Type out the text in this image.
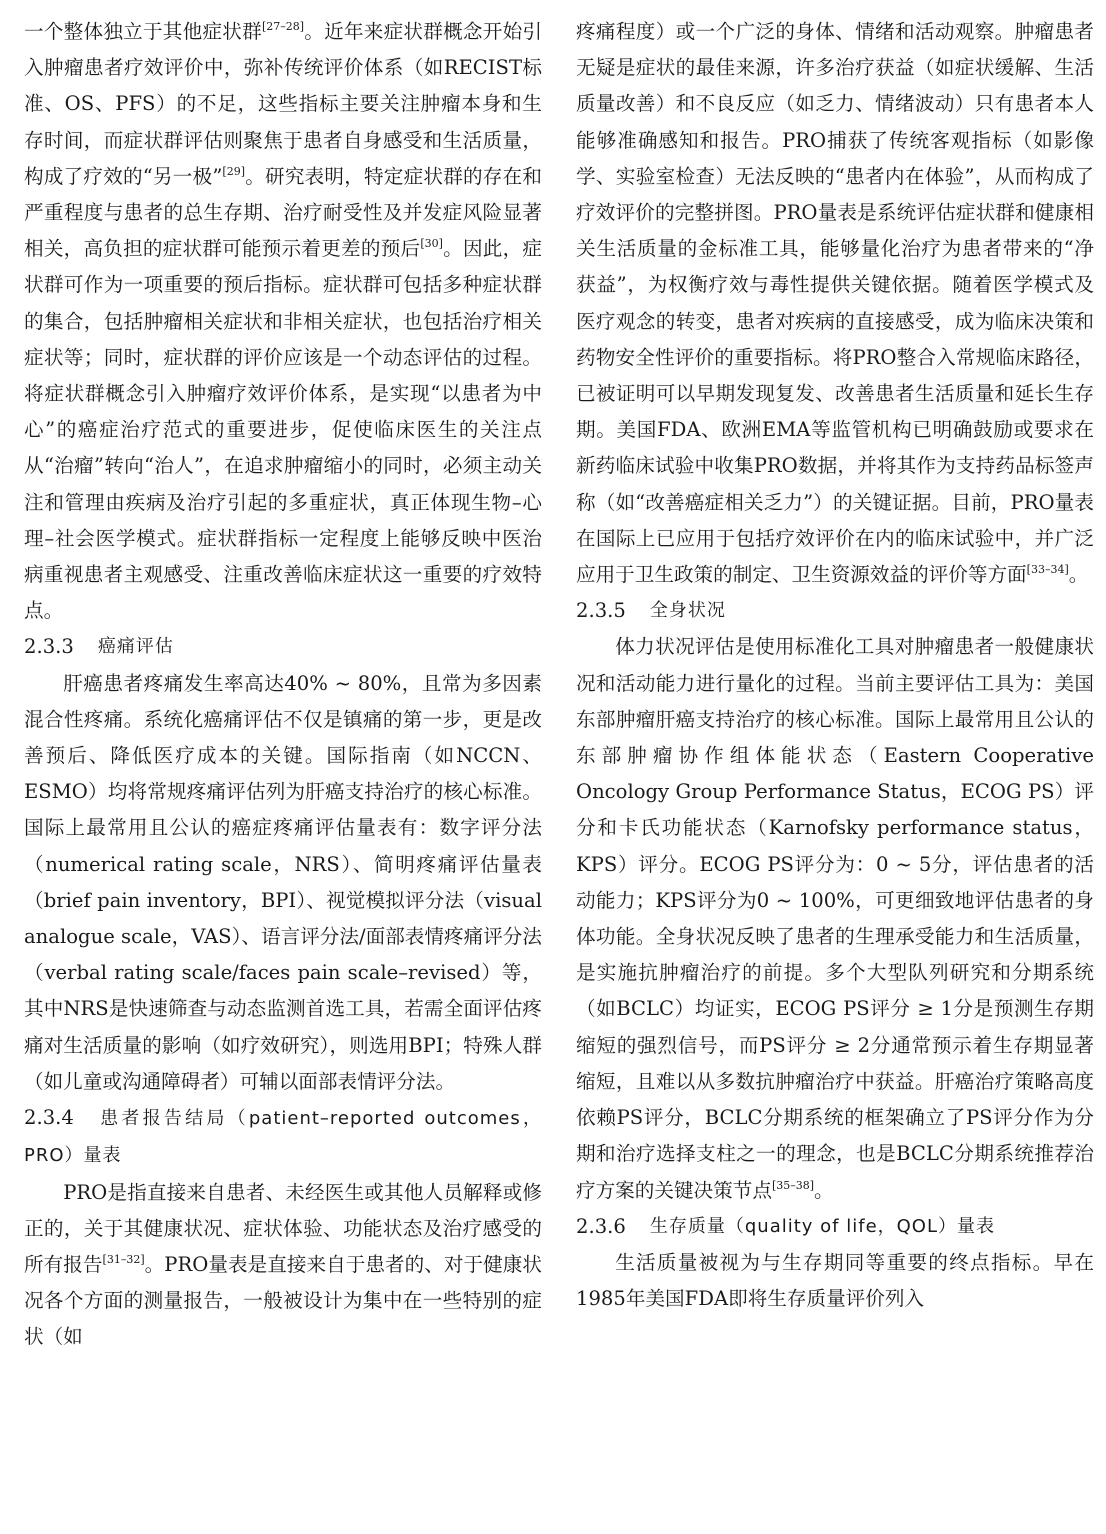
一个整体独立于其他症状群[27–28]。近年来症状群概念开始引入肿瘤患者疗效评价中，弥补传统评价体系（如RECIST标准、OS、PFS）的不足，这些指标主要关注肿瘤本身和生存时间，而症状群评估则聚焦于患者自身感受和生活质量，构成了疗效的“另一极”[29]。研究表明，特定症状群的存在和严重程度与患者的总生存期、治疗耐受性及并发症风险显著相关，高负担的症状群可能预示着更差的预后[30]。因此，症状群可作为一项重要的预后指标。症状群可包括多种症状群的集合，包括肿瘤相关症状和非相关症状，也包括治疗相关症状等；同时，症状群的评价应该是一个动态评估的过程。将症状群概念引入肿瘤疗效评价体系，是实现“以患者为中心”的癌症治疗范式的重要进步，促使临床医生的关注点从“治瘤”转向“治人”，在追求肿瘤缩小的同时，必须主动关注和管理由疾病及治疗引起的多重症状，真正体现生物–心理–社会医学模式。症状群指标一定程度上能够反映中医治病重视患者主观感受、注重改善临床症状这一重要的疗效特点。

2.3.3 癌痛评估

肝癌患者疼痛发生率高达40% ~ 80%，且常为多因素混合性疼痛。系统化癌痛评估不仅是镇痛的第一步，更是改善预后、降低医疗成本的关键。国际指南（如NCCN、ESMO）均将常规疼痛评估列为肝癌支持治疗的核心标准。国际上最常用且公认的癌症疼痛评估量表有：数字评分法（numerical rating scale，NRS）、简明疼痛评估量表（brief pain inventory，BPI）、视觉模拟评分法（visual analogue scale，VAS）、语言评分法/面部表情疼痛评分法（verbal rating scale/faces pain scale–revised）等，其中NRS是快速筛查与动态监测首选工具，若需全面评估疼痛对生活质量的影响（如疗效研究），则选用BPI；特殊人群（如儿童或沟通障碍者）可辅以面部表情评分法。

2.3.4 患者报告结局（patient–reported outcomes，PRO）量表

PRO是指直接来自患者、未经医生或其他人员解释或修正的，关于其健康状况、症状体验、功能状态及治疗感受的所有报告[31–32]。PRO量表是直接来自于患者的、对于健康状况各个方面的测量报告，一般被设计为集中在一些特别的症状（如

疼痛程度）或一个广泛的身体、情绪和活动观察。肿瘤患者无疑是症状的最佳来源，许多治疗获益（如症状缓解、生活质量改善）和不良反应（如乏力、情绪波动）只有患者本人能够准确感知和报告。PRO捕获了传统客观指标（如影像学、实验室检查）无法反映的“患者内在体验”，从而构成了疗效评价的完整拼图。PRO量表是系统评估症状群和健康相关生活质量的金标准工具，能够量化治疗为患者带来的“净获益”，为权衡疗效与毒性提供关键依据。随着医学模式及医疗观念的转变，患者对疾病的直接感受，成为临床决策和药物安全性评价的重要指标。将PRO整合入常规临床路径，已被证明可以早期发现复发、改善患者生活质量和延长生存期。美国FDA、欧洲EMA等监管机构已明确鼓励或要求在新药临床试验中收集PRO数据，并将其作为支持药品标签声称（如“改善癌症相关乏力”）的关键证据。目前，PRO量表在国际上已应用于包括疗效评价在内的临床试验中，并广泛应用于卫生政策的制定、卫生资源效益的评价等方面[33–34]。

2.3.5 全身状况

体力状况评估是使用标准化工具对肿瘤患者一般健康状况和活动能力进行量化的过程。当前主要评估工具为：美国东部肿瘤肝癌支持治疗的核心标准。国际上最常用且公认的东部肿瘤协作组体能状态（Eastern Cooperative Oncology Group Performance Status，ECOG PS）评分和卡氏功能状态（Karnofsky performance status，KPS）评分。ECOG PS评分为：0 ~ 5分，评估患者的活动能力；KPS评分为0 ~ 100%，可更细致地评估患者的身体功能。全身状况反映了患者的生理承受能力和生活质量，是实施抗肿瘤治疗的前提。多个大型队列研究和分期系统（如BCLC）均证实，ECOG PS评分 ≥ 1分是预测生存期缩短的强烈信号，而PS评分 ≥ 2分通常预示着生存期显著缩短，且难以从多数抗肿瘤治疗中获益。肝癌治疗策略高度依赖PS评分，BCLC分期系统的框架确立了PS评分作为分期和治疗选择支柱之一的理念，也是BCLC分期系统推荐治疗方案的关键决策节点[35–38]。

2.3.6 生存质量（quality of life，QOL）量表

生活质量被视为与生存期同等重要的终点指标。早在1985年美国FDA即将生存质量评价列入
